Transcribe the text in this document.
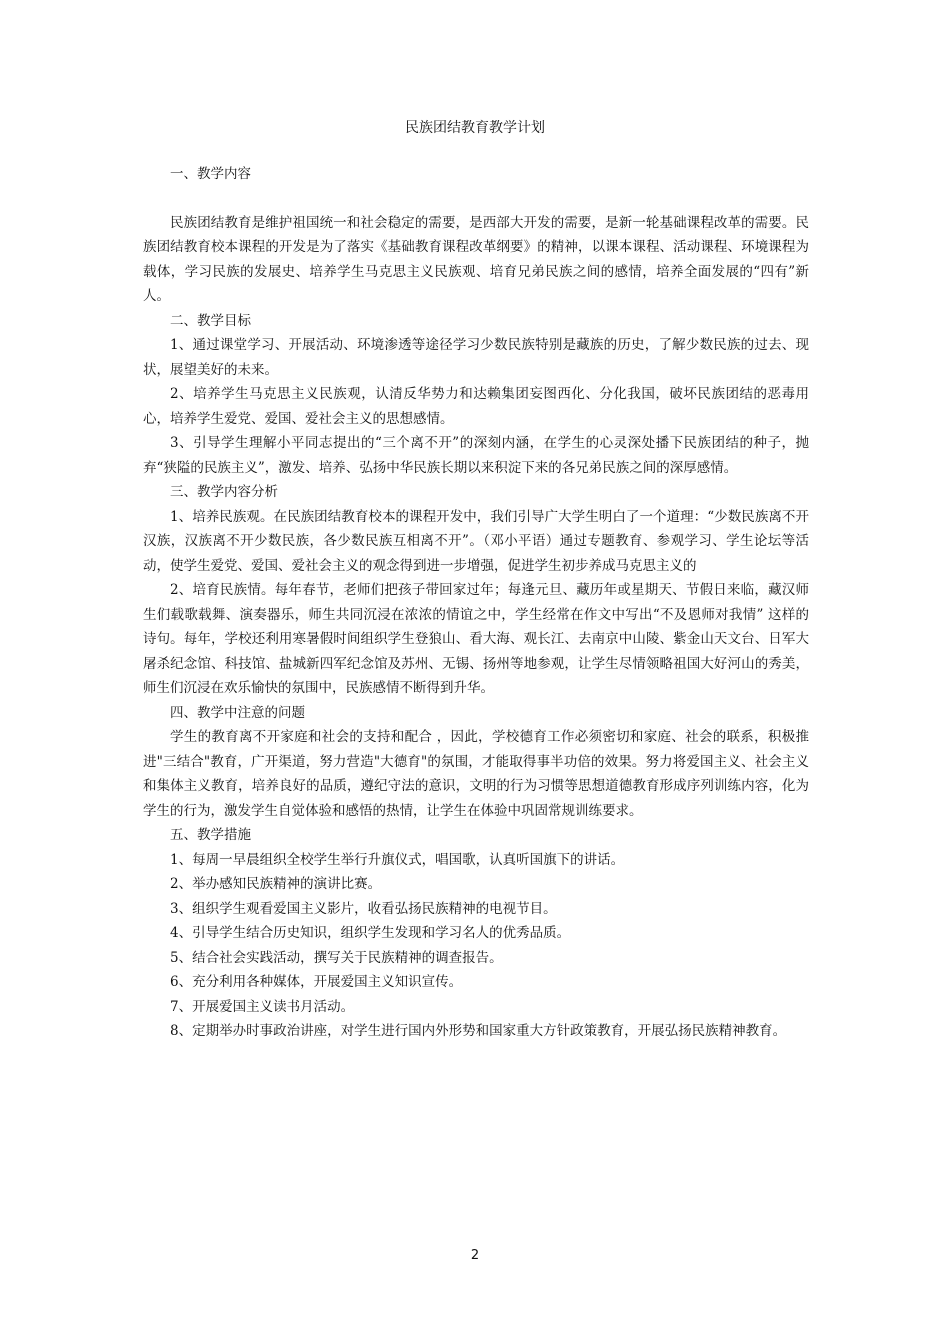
民族团结教育教学计划

一、教学内容

民族团结教育是维护祖国统一和社会稳定的需要，是西部大开发的需要，是新一轮基础课程改革的需要。民族团结教育校本课程的开发是为了落实《基础教育课程改革纲要》的精神，以课本课程、活动课程、环境课程为载体，学习民族的发展史、培养学生马克思主义民族观、培育兄弟民族之间的感情，培养全面发展的“四有”新人。

二、教学目标

1、通过课堂学习、开展活动、环境渗透等途径学习少数民族特别是藏族的历史，了解少数民族的过去、现状，展望美好的未来。

2、培养学生马克思主义民族观，认清反华势力和达赖集团妄图西化、分化我国，破坏民族团结的恶毒用心，培养学生爱党、爱国、爱社会主义的思想感情。

3、引导学生理解小平同志提出的“三个离不开”的深刻内涵，在学生的心灵深处播下民族团结的种子，抛弃“狭隘的民族主义”，激发、培养、弘扬中华民族长期以来积淀下来的各兄弟民族之间的深厚感情。

三、教学内容分析

1、培养民族观。在民族团结教育校本的课程开发中，我们引导广大学生明白了一个道理：“少数民族离不开汉族，汉族离不开少数民族，各少数民族互相离不开”。（邓小平语）通过专题教育、参观学习、学生论坛等活动，使学生爱党、爱国、爱社会主义的观念得到进一步增强，促进学生初步养成马克思主义的

2、培育民族情。每年春节，老师们把孩子带回家过年；每逢元旦、藏历年或星期天、节假日来临，藏汉师生们载歌载舞、演奏器乐，师生共同沉浸在浓浓的情谊之中，学生经常在作文中写出“不及恩师对我情” 这样的诗句。每年，学校还利用寒暑假时间组织学生登狼山、看大海、观长江、去南京中山陵、紫金山天文台、日军大屠杀纪念馆、科技馆、盐城新四军纪念馆及苏州、无锡、扬州等地参观，让学生尽情领略祖国大好河山的秀美，师生们沉浸在欢乐愉快的氛围中，民族感情不断得到升华。

四、教学中注意的问题

学生的教育离不开家庭和社会的支持和配合 ，因此，学校德育工作必须密切和家庭、社会的联系，积极推进"三结合"教育，广开渠道，努力营造"大德育"的氛围，才能取得事半功倍的效果。努力将爱国主义、社会主义和集体主义教育，培养良好的品质，遵纪守法的意识，文明的行为习惯等思想道德教育形成序列训练内容，化为学生的行为，激发学生自觉体验和感悟的热情，让学生在体验中巩固常规训练要求。

五、教学措施

1、每周一早晨组织全校学生举行升旗仪式，唱国歌，认真听国旗下的讲话。

2、举办感知民族精神的演讲比赛。

3、组织学生观看爱国主义影片，收看弘扬民族精神的电视节目。

4、引导学生结合历史知识，组织学生发现和学习名人的优秀品质。

5、结合社会实践活动，撰写关于民族精神的调查报告。

6、充分利用各种媒体，开展爱国主义知识宣传。

7、开展爱国主义读书月活动。

8、定期举办时事政治讲座，对学生进行国内外形势和国家重大方针政策教育，开展弘扬民族精神教育。

2
